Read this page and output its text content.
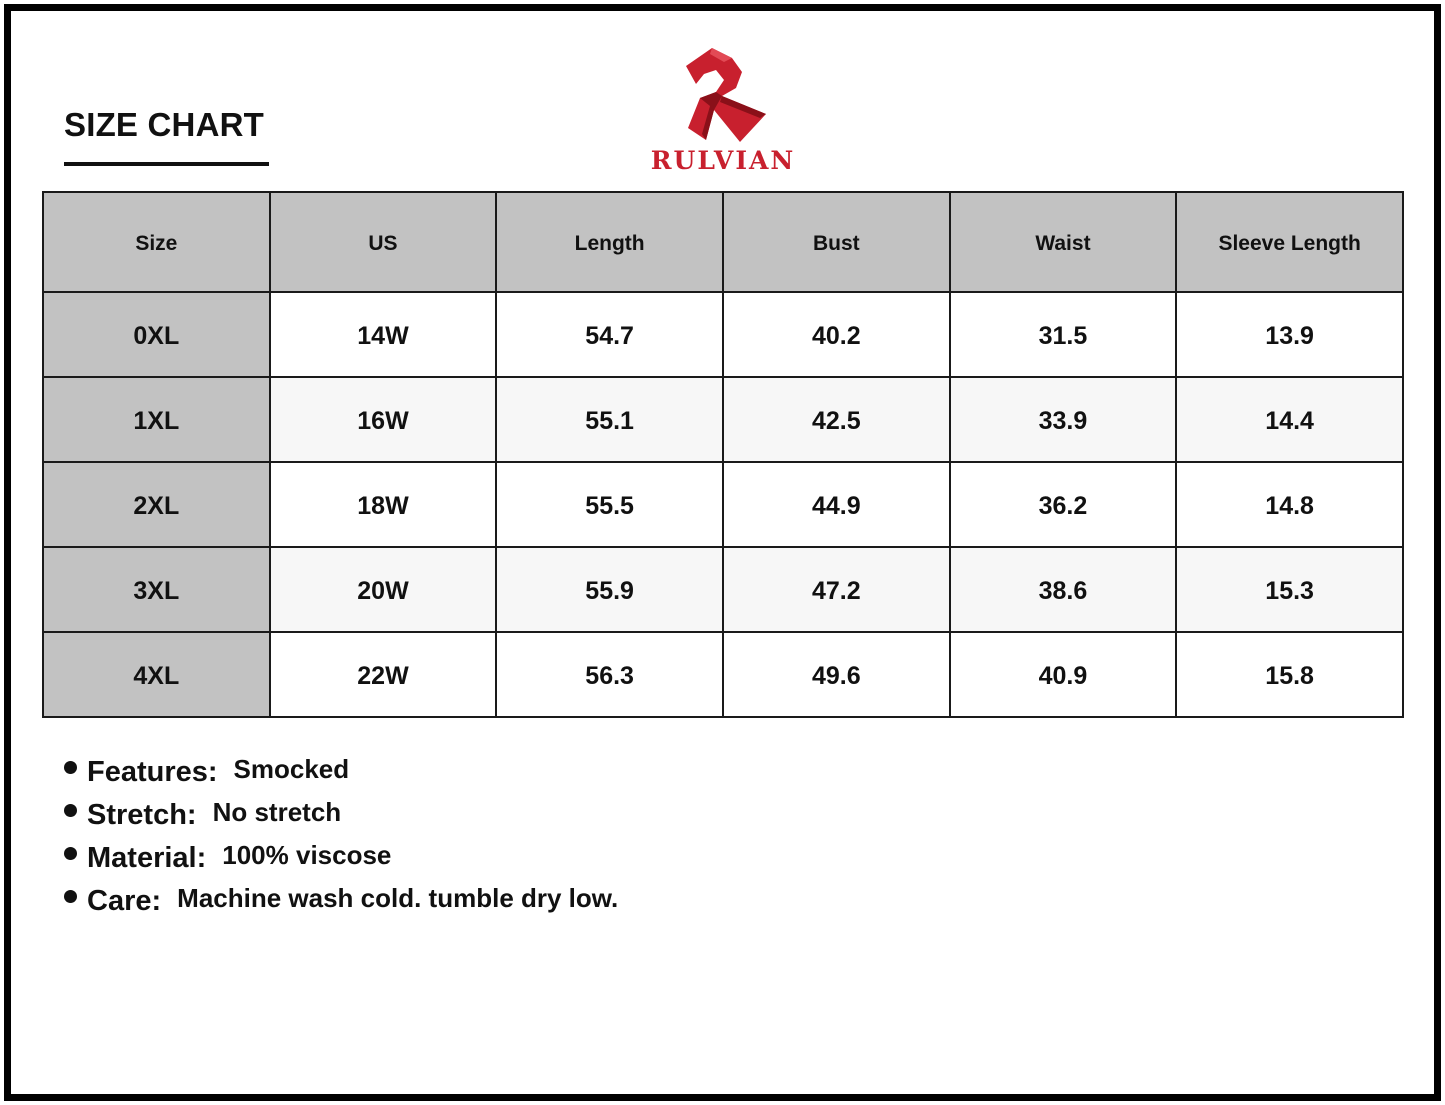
SIZE CHART
RULVIAN
Size	US	Length	Bust	Waist	Sleeve Length
0XL	14W	54.7	40.2	31.5	13.9
1XL	16W	55.1	42.5	33.9	14.4
2XL	18W	55.5	44.9	36.2	14.8
3XL	20W	55.9	47.2	38.6	15.3
4XL	22W	56.3	49.6	40.9	15.8
Features: Smocked
Stretch: No stretch
Material: 100% viscose
Care: Machine wash cold. tumble dry low.
